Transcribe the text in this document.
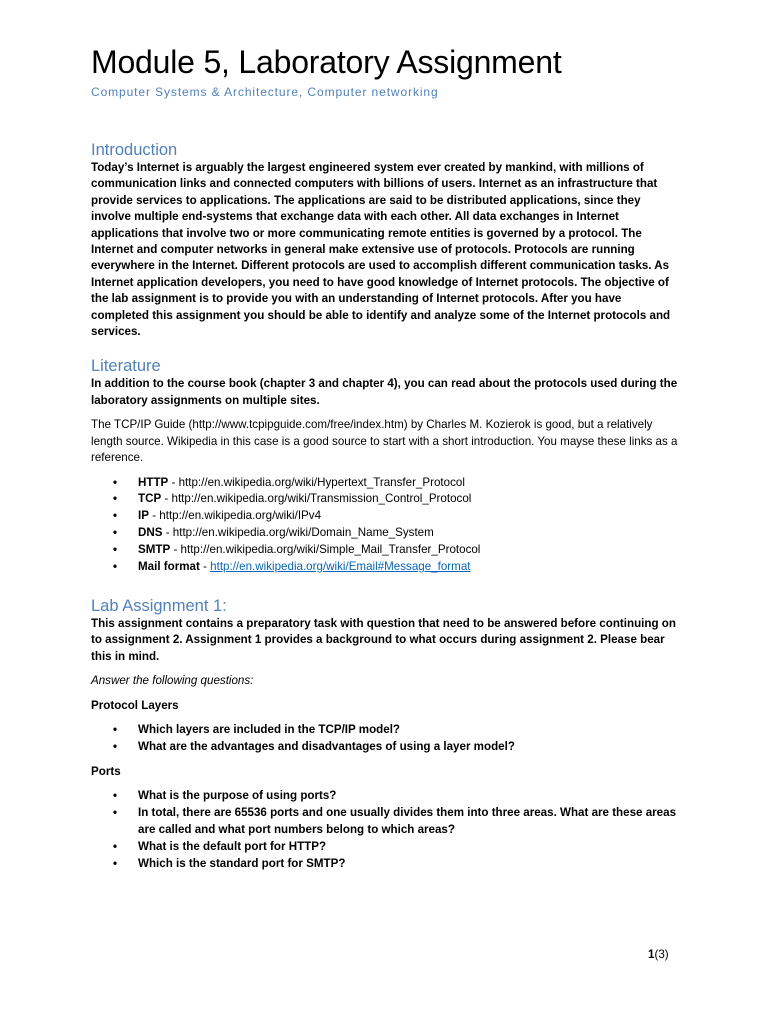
Module 5, Laboratory Assignment
Computer Systems & Architecture, Computer networking
Introduction

Today’s Internet is arguably the largest engineered system ever created by mankind, with millions of communication links and connected computers with billions of users. Internet as an infrastructure that provide services to applications. The applications are said to be distributed applications, since they involve multiple end-systems that exchange data with each other. All data exchanges in Internet applications that involve two or more communicating remote entities is governed by a protocol. The Internet and computer networks in general make extensive use of protocols. Protocols are running everywhere in the Internet. Different protocols are used to accomplish different communication tasks. As Internet application developers, you need to have good knowledge of Internet protocols. The objective of the lab assignment is to provide you with an understanding of Internet protocols. After you have completed this assignment you should be able to identify and analyze some of the Internet protocols and services.

Literature

In addition to the course book (chapter 3 and chapter 4), you can read about the protocols used during the laboratory assignments on multiple sites.

The TCP/IP Guide (http://www.tcpipguide.com/free/index.htm) by Charles M. Kozierok is good, but a relatively length source. Wikipedia in this case is a good source to start with a short introduction. You mayse these links as a reference.

• HTTP - http://en.wikipedia.org/wiki/Hypertext_Transfer_Protocol
• TCP - http://en.wikipedia.org/wiki/Transmission_Control_Protocol
• IP - http://en.wikipedia.org/wiki/IPv4
• DNS - http://en.wikipedia.org/wiki/Domain_Name_System
• SMTP - http://en.wikipedia.org/wiki/Simple_Mail_Transfer_Protocol
• Mail format - http://en.wikipedia.org/wiki/Email#Message_format
Lab Assignment 1:

This assignment contains a preparatory task with question that need to be answered before continuing on to assignment 2. Assignment 1 provides a background to what occurs during assignment 2. Please bear this in mind.

Answer the following questions:

Protocol Layers

• Which layers are included in the TCP/IP model?
• What are the advantages and disadvantages of using a layer model?

Ports

• What is the purpose of using ports?
• In total, there are 65536 ports and one usually divides them into three areas. What are these areas are called and what port numbers belong to which areas?
• What is the default port for HTTP?
• Which is the standard port for SMTP?
1(3)
